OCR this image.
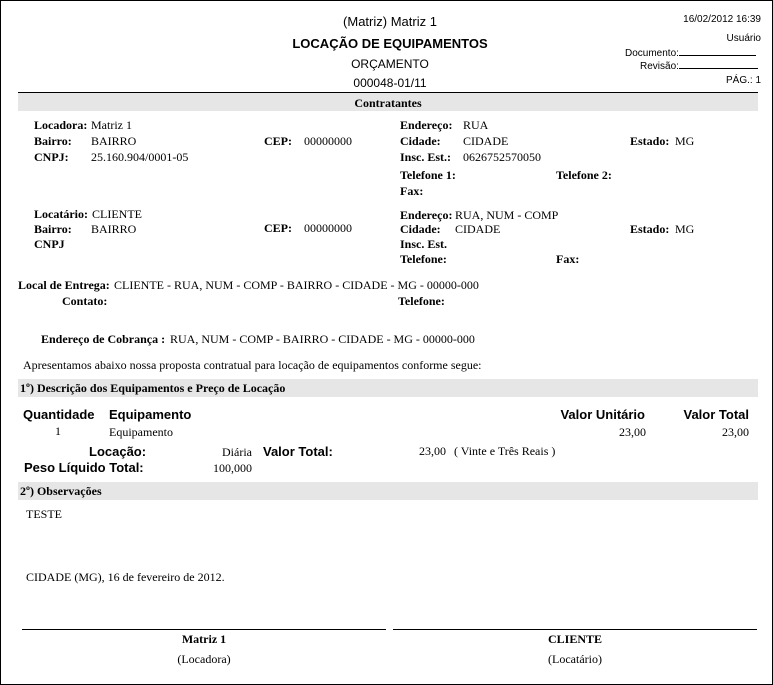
(Matriz) Matriz 1
LOCAÇÃO DE EQUIPAMENTOS
ORÇAMENTO
000048-01/11
16/02/2012 16:39
Usuário
Documento:
Revisão:
PÁG.: 1
Contratantes
Locadora: Matriz 1
Bairro: BAIRRO
CNPJ: 25.160.904/0001-05
CEP: 00000000
Endereço: RUA
Cidade: CIDADE	Estado: MG
Insc. Est.: 0626752570050
Telefone 1:	Telefone 2:
Fax:
Locatário: CLIENTE
Bairro: BAIRRO
CNPJ
CEP: 00000000
Endereço: RUA, NUM - COMP
Cidade: CIDADE	Estado: MG
Insc. Est.
Telefone:	Fax:
Local de Entrega: CLIENTE - RUA, NUM - COMP - BAIRRO - CIDADE - MG - 00000-000
Contato:	Telefone:
Endereço de Cobrança : RUA, NUM - COMP - BAIRRO - CIDADE - MG - 00000-000
Apresentamos abaixo nossa proposta contratual para locação de equipamentos conforme segue:
1º) Descrição dos Equipamentos e Preço de Locação
Quantidade Equipamento	Valor Unitário	Valor Total
1	Equipamento	23,00	23,00
Locação:	Diária Valor Total:	23,00 ( Vinte e Três Reais )
Peso Líquido Total:	100,000
2º) Observações
TESTE
CIDADE (MG), 16 de fevereiro de 2012.
Matriz 1
(Locadora)
CLIENTE
(Locatário)
